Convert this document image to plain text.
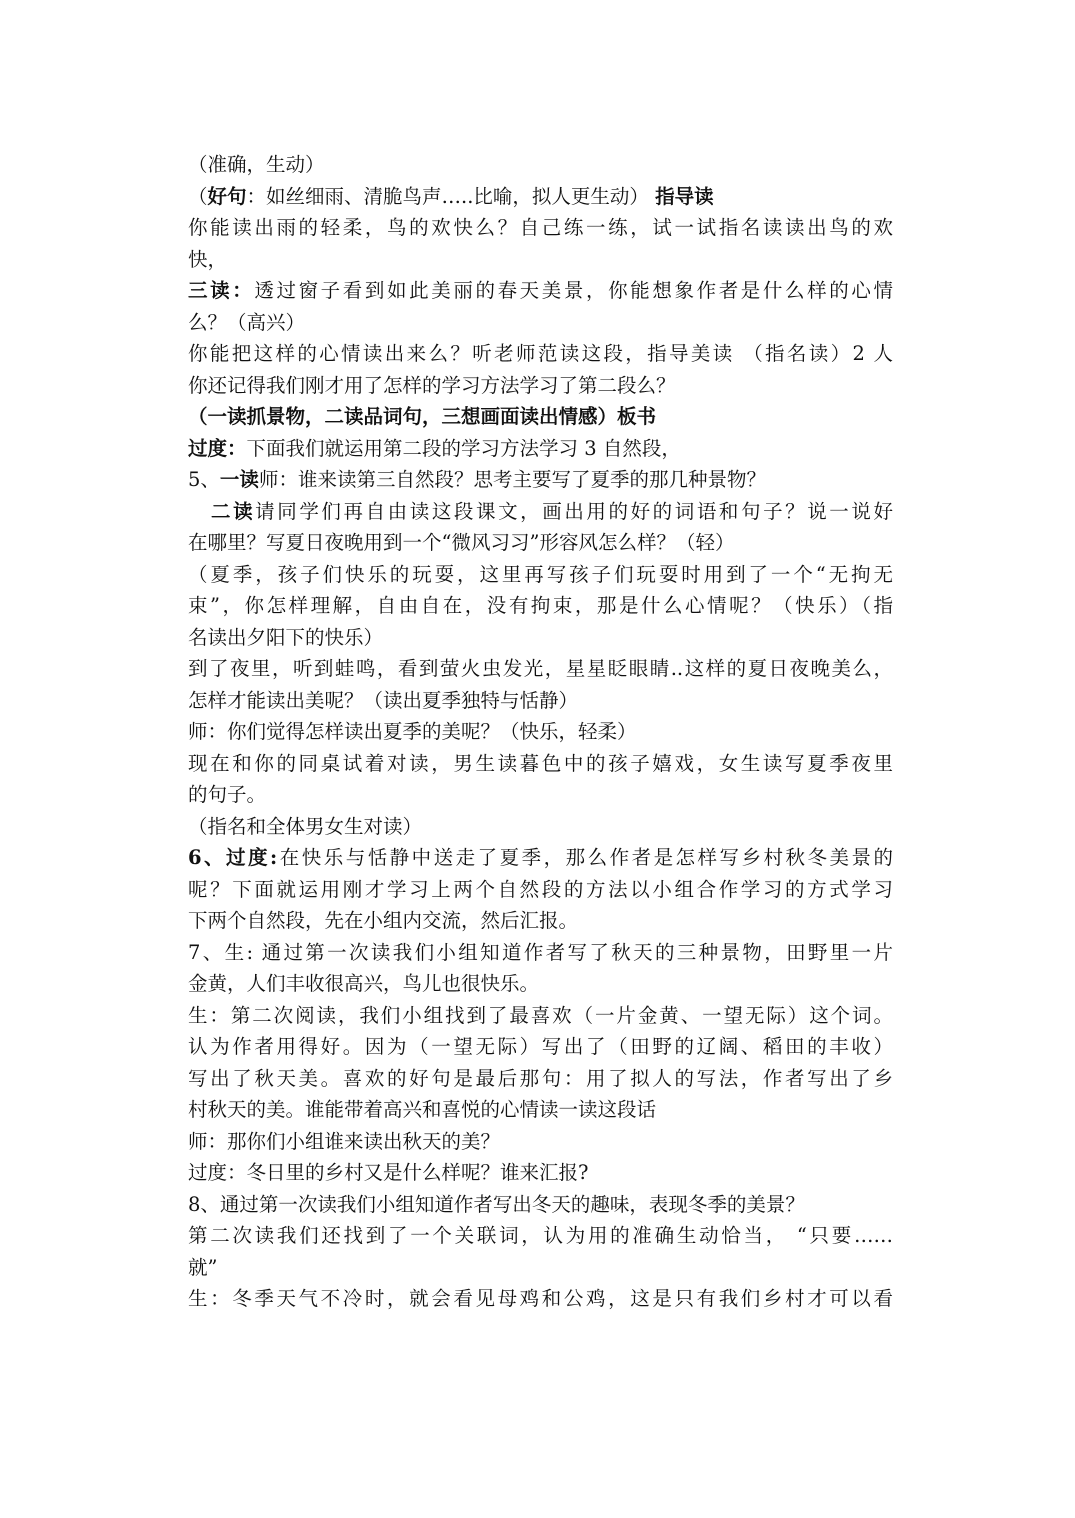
（准确，生动）
（好句：如丝细雨、清脆鸟声…..比喻，拟人更生动） 指导读
你能读出雨的轻柔，鸟的欢快么？自己练一练，试一试指名读读出鸟的欢
快，
三读：透过窗子看到如此美丽的春天美景，你能想象作者是什么样的心情
么？（高兴）
你能把这样的心情读出来么？听老师范读这段，指导美读 （指名读）2 人
你还记得我们刚才用了怎样的学习方法学习了第二段么？
（一读抓景物，二读品词句，三想画面读出情感）板书
过度：下面我们就运用第二段的学习方法学习 3 自然段，
5、一读师：谁来读第三自然段？思考主要写了夏季的那几种景物？
二读请同学们再自由读这段课文，画出用的好的词语和句子？说一说好
在哪里？写夏日夜晚用到一个“微风习习”形容风怎么样？（轻）
（夏季，孩子们快乐的玩耍，这里再写孩子们玩耍时用到了一个“无拘无
束”，你怎样理解，自由自在，没有拘束，那是什么心情呢？（快乐）（指
名读出夕阳下的快乐）
到了夜里，听到蛙鸣，看到萤火虫发光，星星眨眼睛..这样的夏日夜晚美么，
怎样才能读出美呢？（读出夏季独特与恬静）
师：你们觉得怎样读出夏季的美呢？（快乐，轻柔）
现在和你的同桌试着对读，男生读暮色中的孩子嬉戏，女生读写夏季夜里
的句子。
（指名和全体男女生对读）
6、过度:在快乐与恬静中送走了夏季，那么作者是怎样写乡村秋冬美景的
呢？下面就运用刚才学习上两个自然段的方法以小组合作学习的方式学习
下两个自然段，先在小组内交流，然后汇报。
7、生: 通过第一次读我们小组知道作者写了秋天的三种景物，田野里一片
金黄，人们丰收很高兴，鸟儿也很快乐。
生：第二次阅读，我们小组找到了最喜欢（一片金黄、一望无际）这个词。
认为作者用得好。因为（一望无际）写出了（田野的辽阔、稻田的丰收）
写出了秋天美。喜欢的好句是最后那句：用了拟人的写法，作者写出了乡
村秋天的美。谁能带着高兴和喜悦的心情读一读这段话
师：那你们小组谁来读出秋天的美？
过度：冬日里的乡村又是什么样呢？谁来汇报?
8、通过第一次读我们小组知道作者写出冬天的趣味，表现冬季的美景？
第二次读我们还找到了一个关联词，认为用的准确生动恰当， “只要……
就”
生：冬季天气不冷时，就会看见母鸡和公鸡，这是只有我们乡村才可以看
